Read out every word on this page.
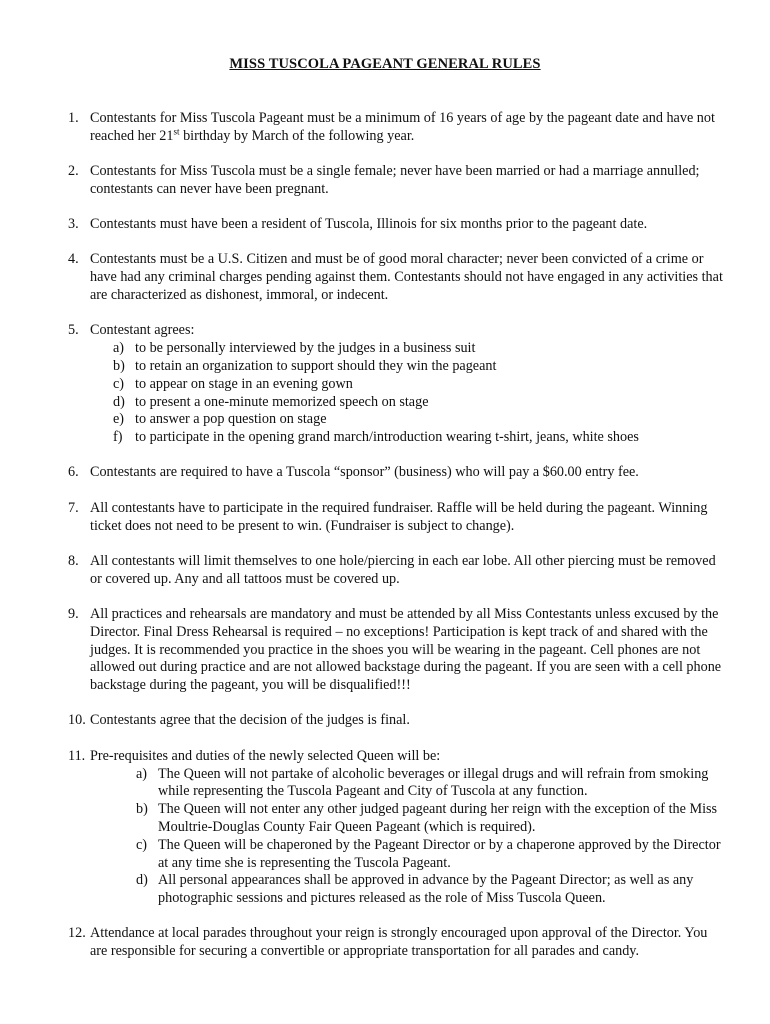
MISS TUSCOLA PAGEANT GENERAL RULES
1. Contestants for Miss Tuscola Pageant must be a minimum of 16 years of age by the pageant date and have not reached her 21st birthday by March of the following year.
2. Contestants for Miss Tuscola must be a single female; never have been married or had a marriage annulled; contestants can never have been pregnant.
3. Contestants must have been a resident of Tuscola, Illinois for six months prior to the pageant date.
4. Contestants must be a U.S. Citizen and must be of good moral character; never been convicted of a crime or have had any criminal charges pending against them. Contestants should not have engaged in any activities that are characterized as dishonest, immoral, or indecent.
5. Contestant agrees:
a) to be personally interviewed by the judges in a business suit
b) to retain an organization to support should they win the pageant
c) to appear on stage in an evening gown
d) to present a one-minute memorized speech on stage
e) to answer a pop question on stage
f) to participate in the opening grand march/introduction wearing t-shirt, jeans, white shoes
6. Contestants are required to have a Tuscola “sponsor” (business) who will pay a $60.00 entry fee.
7. All contestants have to participate in the required fundraiser. Raffle will be held during the pageant. Winning ticket does not need to be present to win. (Fundraiser is subject to change).
8. All contestants will limit themselves to one hole/piercing in each ear lobe. All other piercing must be removed or covered up. Any and all tattoos must be covered up.
9. All practices and rehearsals are mandatory and must be attended by all Miss Contestants unless excused by the Director. Final Dress Rehearsal is required – no exceptions! Participation is kept track of and shared with the judges. It is recommended you practice in the shoes you will be wearing in the pageant. Cell phones are not allowed out during practice and are not allowed backstage during the pageant. If you are seen with a cell phone backstage during the pageant, you will be disqualified!!!
10. Contestants agree that the decision of the judges is final.
11. Pre-requisites and duties of the newly selected Queen will be:
a) The Queen will not partake of alcoholic beverages or illegal drugs and will refrain from smoking while representing the Tuscola Pageant and City of Tuscola at any function.
b) The Queen will not enter any other judged pageant during her reign with the exception of the Miss Moultrie-Douglas County Fair Queen Pageant (which is required).
c) The Queen will be chaperoned by the Pageant Director or by a chaperone approved by the Director at any time she is representing the Tuscola Pageant.
d) All personal appearances shall be approved in advance by the Pageant Director; as well as any photographic sessions and pictures released as the role of Miss Tuscola Queen.
12. Attendance at local parades throughout your reign is strongly encouraged upon approval of the Director. You are responsible for securing a convertible or appropriate transportation for all parades and candy.
